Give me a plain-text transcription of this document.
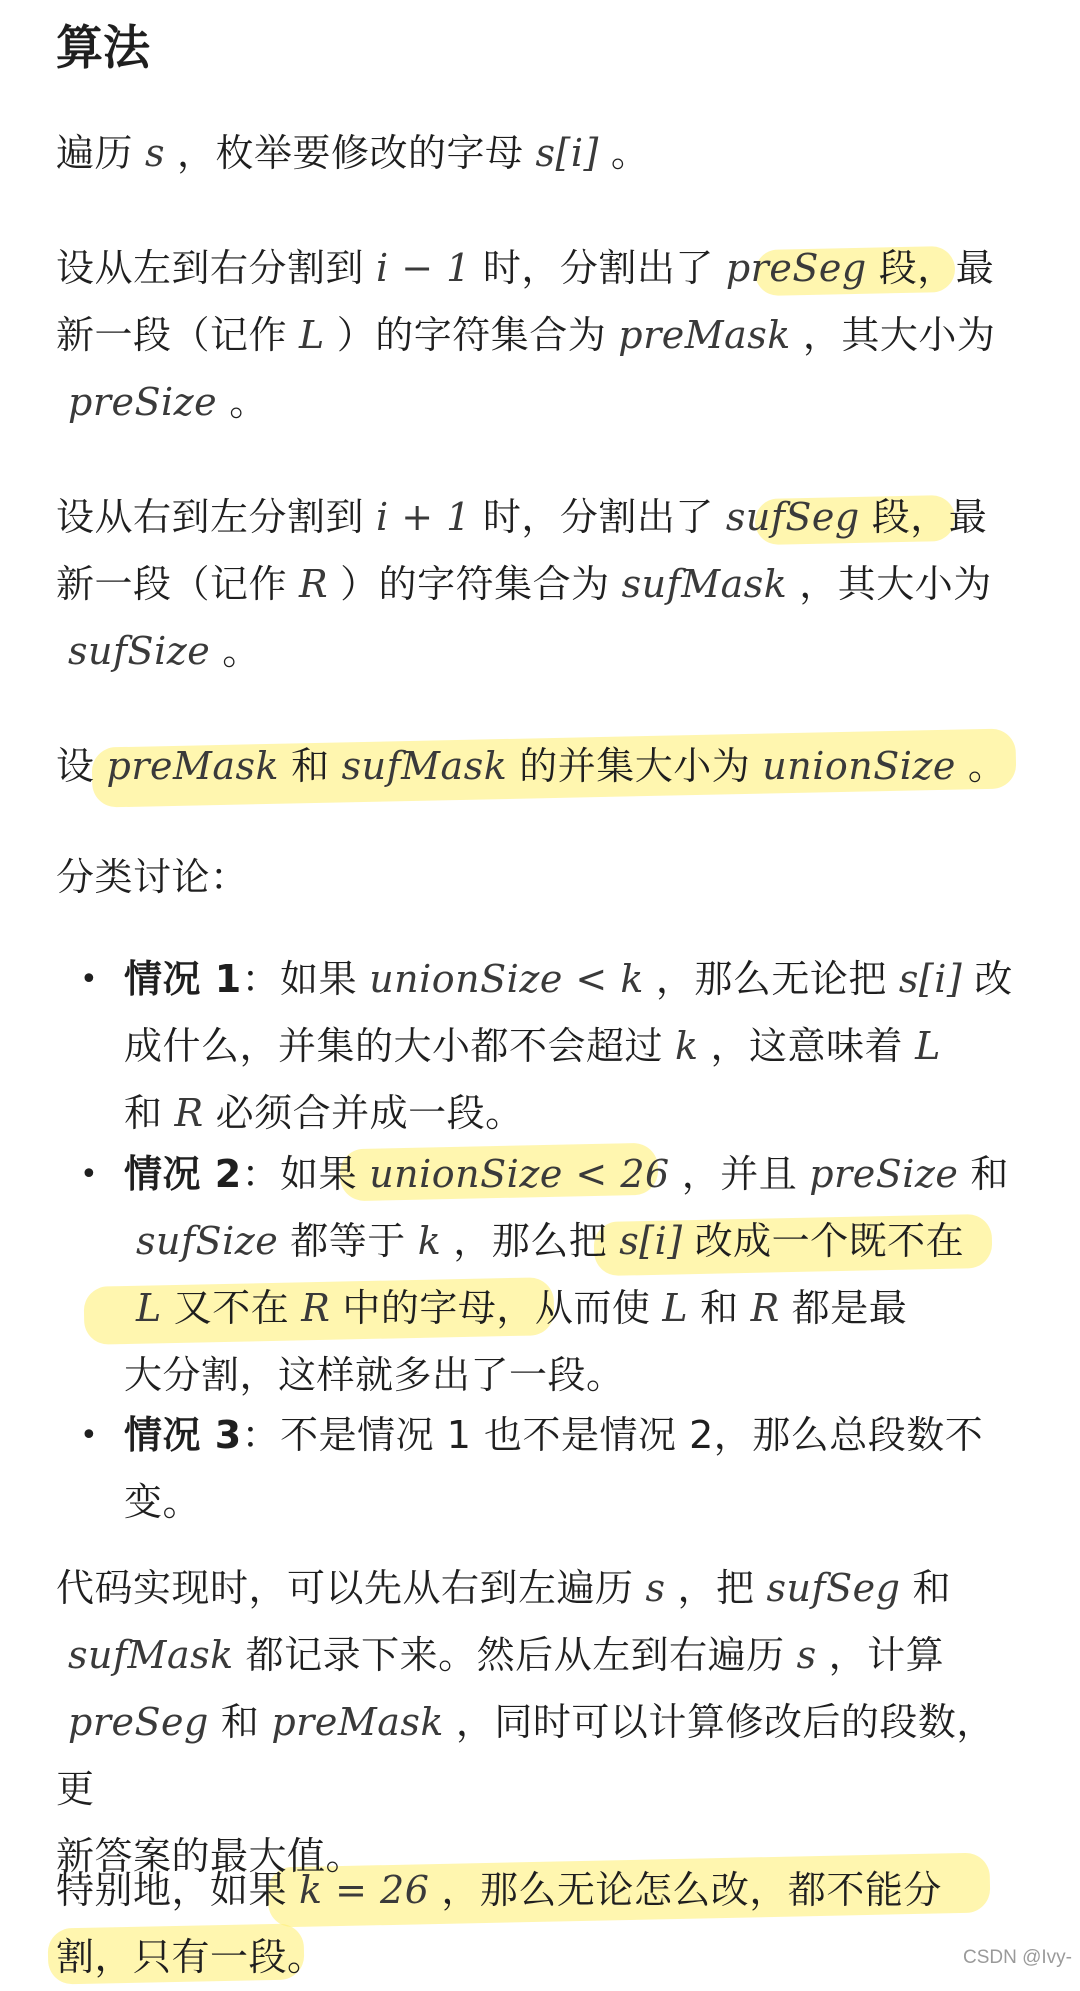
算法

遍历 s ，枚举要修改的字母 s[i] 。

设从左到右分割到 i − 1 时，分割出了 preSeg 段，最
新一段（记作 L ）的字符集合为 preMask ，其大小为
preSize 。

设从右到左分割到 i + 1 时，分割出了 sufSeg 段，最
新一段（记作 R ）的字符集合为 sufMask ，其大小为
sufSize 。

设 preMask 和 sufMask 的并集大小为 unionSize 。

分类讨论：

• 情况 1：如果 unionSize < k ，那么无论把 s[i] 改
成什么，并集的大小都不会超过 k ，这意味着 L
和 R 必须合并成一段。
• 情况 2：如果 unionSize < 26 ，并且 preSize 和
sufSize 都等于 k ，那么把 s[i] 改成一个既不在
L 又不在 R 中的字母，从而使 L 和 R 都是最
大分割，这样就多出了一段。
• 情况 3：不是情况 1 也不是情况 2，那么总段数不
变。

代码实现时，可以先从右到左遍历 s ，把 sufSeg 和
sufMask 都记录下来。然后从左到右遍历 s ，计算
preSeg 和 preMask ，同时可以计算修改后的段数，更
新答案的最大值。

特别地，如果 k = 26 ，那么无论怎么改，都不能分
割，只有一段。	CSDN @Ivy-
